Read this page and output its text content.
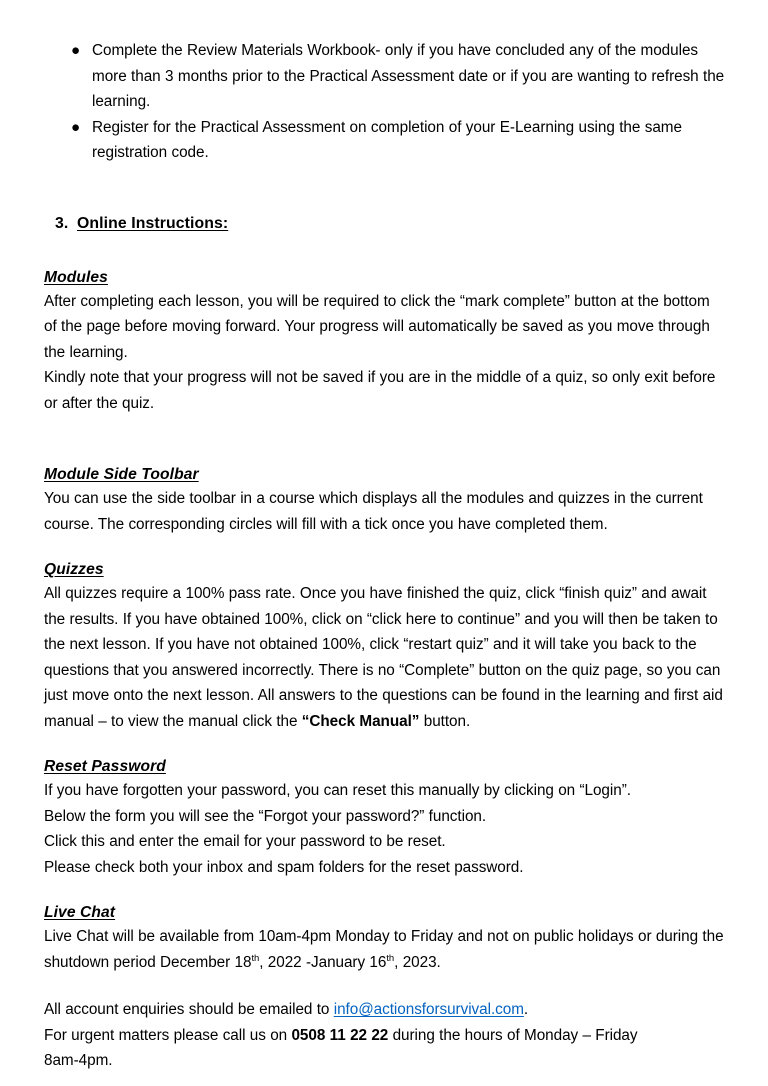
● Complete the Review Materials Workbook- only if you have concluded any of the modules more than 3 months prior to the Practical Assessment date or if you are wanting to refresh the learning.
● Register for the Practical Assessment on completion of your E-Learning using the same registration code.
3. Online Instructions:
Modules
After completing each lesson, you will be required to click the “mark complete” button at the bottom of the page before moving forward. Your progress will automatically be saved as you move through the learning.
Kindly note that your progress will not be saved if you are in the middle of a quiz, so only exit before or after the quiz.
Module Side Toolbar
You can use the side toolbar in a course which displays all the modules and quizzes in the current course. The corresponding circles will fill with a tick once you have completed them.
Quizzes
All quizzes require a 100% pass rate. Once you have finished the quiz, click “finish quiz” and await the results. If you have obtained 100%, click on “click here to continue” and you will then be taken to the next lesson. If you have not obtained 100%, click “restart quiz” and it will take you back to the questions that you answered incorrectly. There is no “Complete” button on the quiz page, so you can just move onto the next lesson. All answers to the questions can be found in the learning and first aid manual – to view the manual click the “Check Manual” button.
Reset Password
If you have forgotten your password, you can reset this manually by clicking on “Login”.
Below the form you will see the “Forgot your password?” function.
Click this and enter the email for your password to be reset.
Please check both your inbox and spam folders for the reset password.
Live Chat
Live Chat will be available from 10am-4pm Monday to Friday and not on public holidays or during the shutdown period December 18th, 2022 -January 16th, 2023.
All account enquiries should be emailed to info@actionsforsurvival.com.
For urgent matters please call us on 0508 11 22 22 during the hours of Monday – Friday
8am-4pm.
